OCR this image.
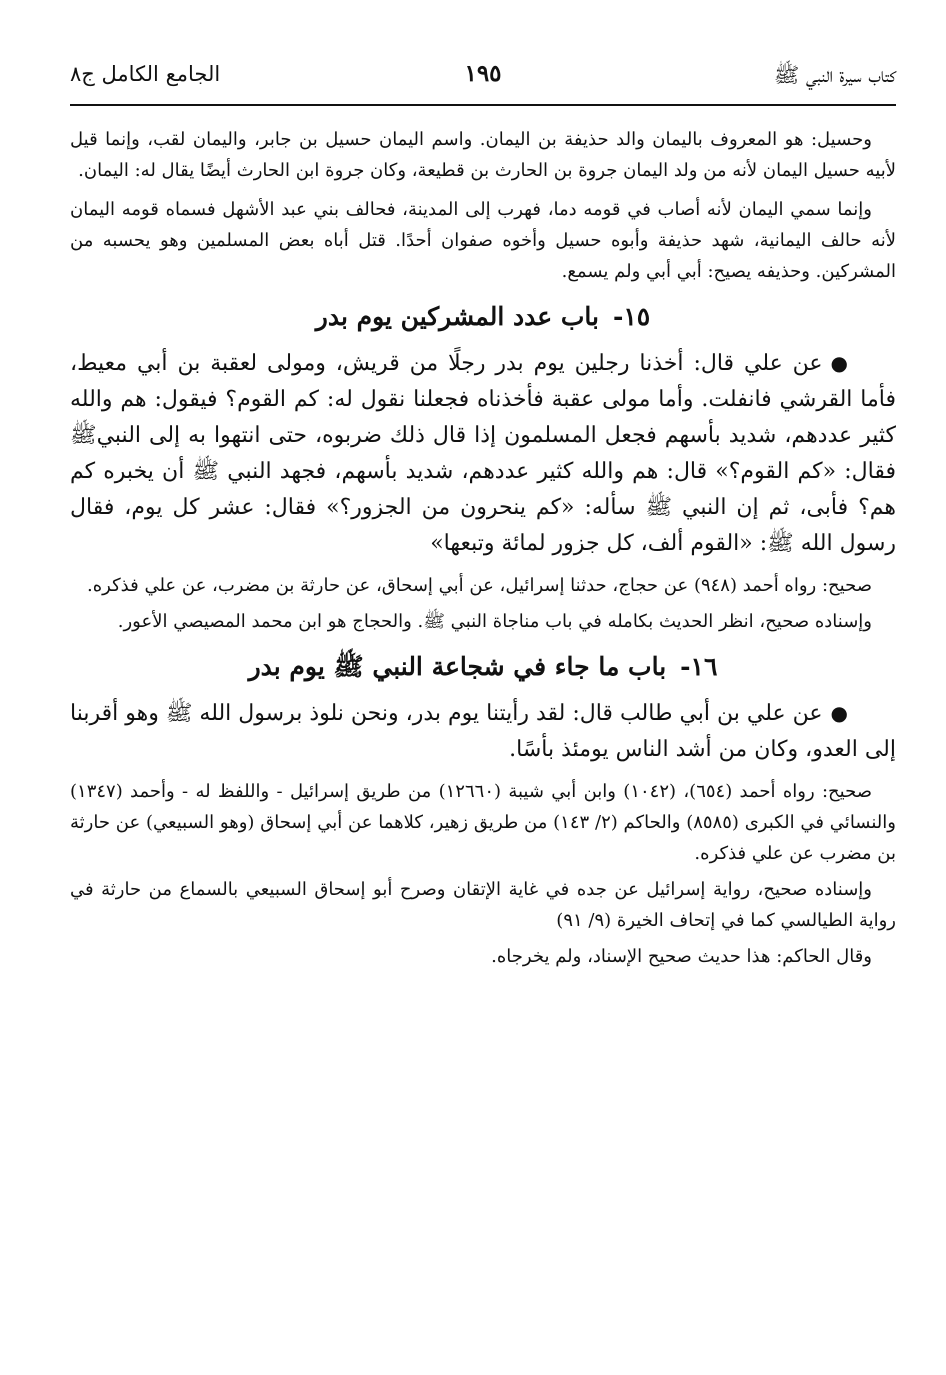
كتاب سيرة النبي ﷺ
١٩٥
الجامع الكامل ج٨

وحسيل: هو المعروف باليمان والد حذيفة بن اليمان. واسم اليمان حسيل بن جابر، واليمان لقب، وإنما قيل لأبيه حسيل اليمان لأنه من ولد اليمان جروة بن الحارث بن قطيعة، وكان جروة ابن الحارث أيضًا يقال له: اليمان.

وإنما سمي اليمان لأنه أصاب في قومه دما، فهرب إلى المدينة، فحالف بني عبد الأشهل فسماه قومه اليمان لأنه حالف اليمانية، شهد حذيفة وأبوه حسيل وأخوه صفوان أحدًا. قتل أباه بعض المسلمين وهو يحسبه من المشركين. وحذيفه يصيح: أبي أبي ولم يسمع.

١٥-باب عدد المشركين يوم بدر

●عن علي قال: أخذنا رجلين يوم بدر رجلًا من قريش، ومولى لعقبة بن أبي معيط، فأما القرشي فانفلت. وأما مولى عقبة فأخذناه فجعلنا نقول له: كم القوم؟ فيقول: هم والله كثير عددهم، شديد بأسهم فجعل المسلمون إذا قال ذلك ضربوه، حتى انتهوا به إلى النبيﷺ فقال: «كم القوم؟» قال: هم والله كثير عددهم، شديد بأسهم، فجهد النبي ﷺ أن يخبره كم هم؟ فأبى، ثم إن النبي ﷺ سأله: «كم ينحرون من الجزور؟» فقال: عشر كل يوم، فقال رسول الله ﷺ: «القوم ألف، كل جزور لمائة وتبعها»

صحيح: رواه أحمد (٩٤٨) عن حجاج، حدثنا إسرائيل، عن أبي إسحاق، عن حارثة بن مضرب، عن علي فذكره.

وإسناده صحيح، انظر الحديث بكامله في باب مناجاة النبي ﷺ. والحجاج هو ابن محمد المصيصي الأعور.

١٦-باب ما جاء في شجاعة النبي ﷺ يوم بدر

●عن علي بن أبي طالب قال: لقد رأيتنا يوم بدر، ونحن نلوذ برسول الله ﷺ وهو أقربنا إلى العدو، وكان من أشد الناس يومئذ بأسًا.

صحيح: رواه أحمد (٦٥٤)، (١٠٤٢) وابن أبي شيبة (١٢٦٦٠) من طريق إسرائيل - واللفظ له - وأحمد (١٣٤٧) والنسائي في الكبرى (٨٥٨٥) والحاكم (٢/ ١٤٣) من طريق زهير، كلاهما عن أبي إسحاق (وهو السبيعي) عن حارثة بن مضرب عن علي فذكره.

وإسناده صحيح، رواية إسرائيل عن جده في غاية الإتقان وصرح أبو إسحاق السبيعي بالسماع من حارثة في رواية الطيالسي كما في إتحاف الخيرة (٩/ ٩١)

وقال الحاكم: هذا حديث صحيح الإسناد، ولم يخرجاه.
